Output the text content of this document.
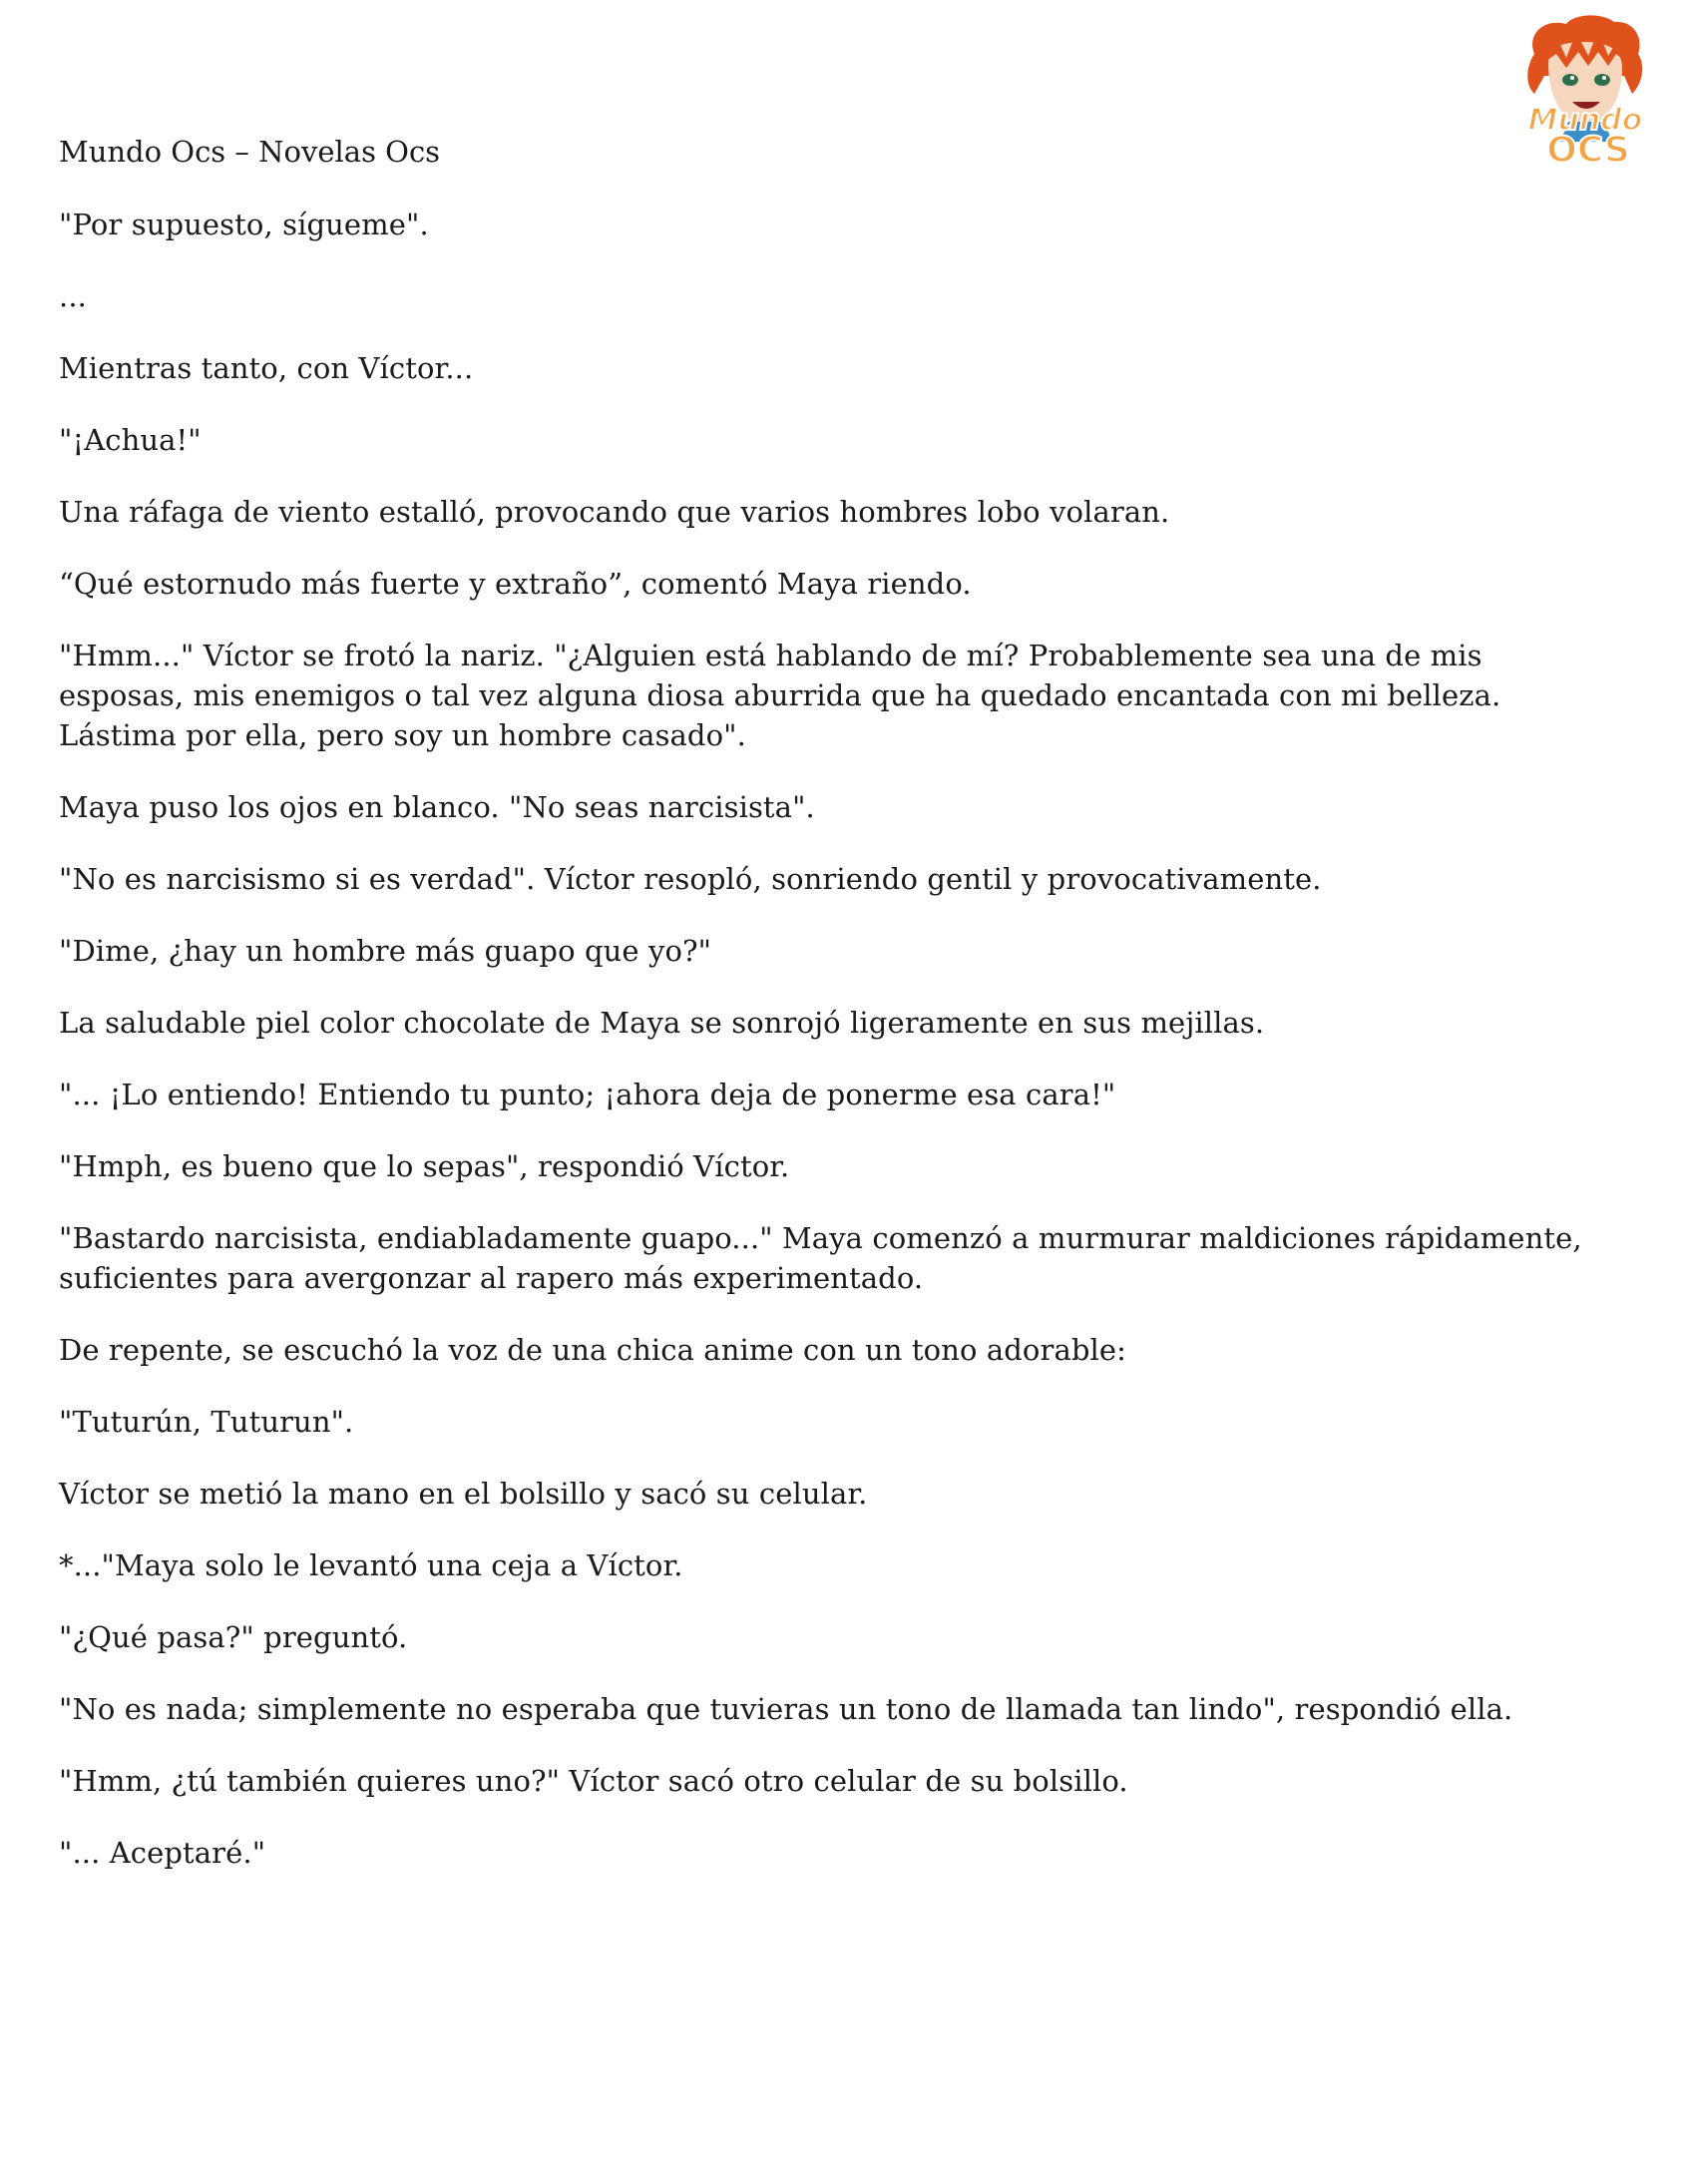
Mundo
OCS

Mundo Ocs – Novelas Ocs

"Por supuesto, sígueme".

...

Mientras tanto, con Víctor...

"¡Achua!"

Una ráfaga de viento estalló, provocando que varios hombres lobo volaran.

“Qué estornudo más fuerte y extraño”, comentó Maya riendo.

"Hmm..." Víctor se frotó la nariz. "¿Alguien está hablando de mí? Probablemente sea una de mis esposas, mis enemigos o tal vez alguna diosa aburrida que ha quedado encantada con mi belleza. Lástima por ella, pero soy un hombre casado".

Maya puso los ojos en blanco. "No seas narcisista".

"No es narcisismo si es verdad". Víctor resopló, sonriendo gentil y provocativamente.

"Dime, ¿hay un hombre más guapo que yo?"

La saludable piel color chocolate de Maya se sonrojó ligeramente en sus mejillas.

"... ¡Lo entiendo! Entiendo tu punto; ¡ahora deja de ponerme esa cara!"

"Hmph, es bueno que lo sepas", respondió Víctor.

"Bastardo narcisista, endiabladamente guapo..." Maya comenzó a murmurar maldiciones rápidamente, suficientes para avergonzar al rapero más experimentado.

De repente, se escuchó la voz de una chica anime con un tono adorable:

"Tuturún, Tuturun".

Víctor se metió la mano en el bolsillo y sacó su celular.

*..."Maya solo le levantó una ceja a Víctor.

"¿Qué pasa?" preguntó.

"No es nada; simplemente no esperaba que tuvieras un tono de llamada tan lindo", respondió ella.

"Hmm, ¿tú también quieres uno?" Víctor sacó otro celular de su bolsillo.

"... Aceptaré."
